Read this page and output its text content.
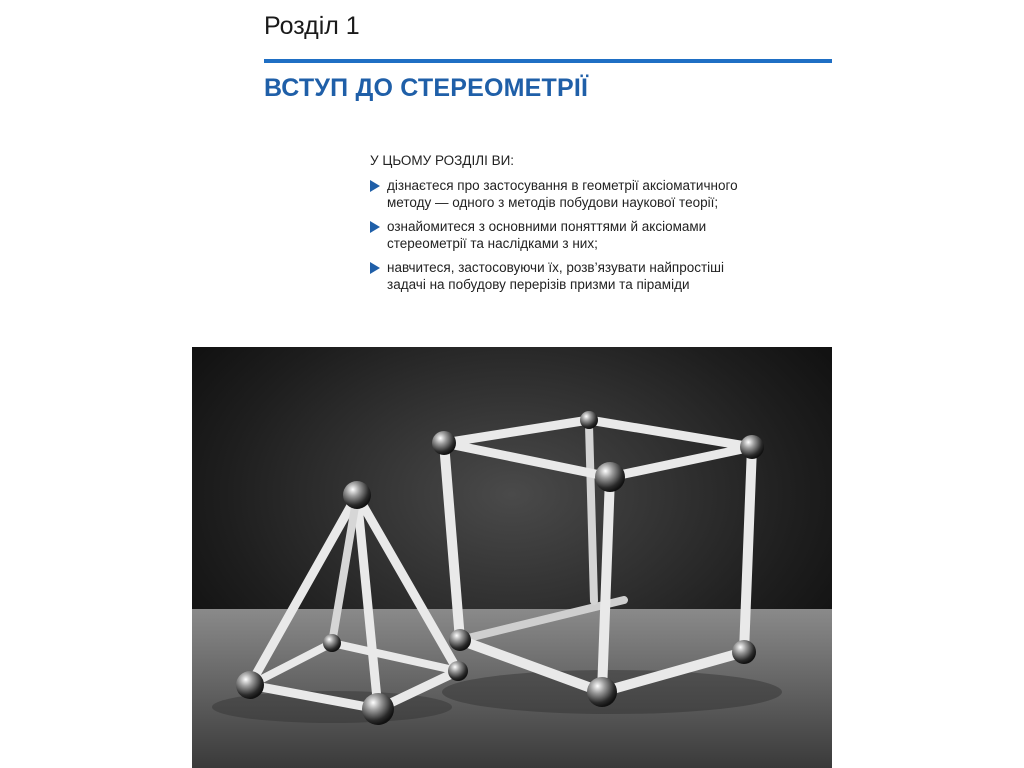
Розділ 1
ВСТУП ДО СТЕРЕОМЕТРІЇ
У ЦЬОМУ РОЗДІЛІ ВИ:
дізнаєтеся про застосування в геометрії аксіоматичного
методу — одного з методів побудови наукової теорії;
ознайомитеся з основними поняттями й аксіомами
стереометрії та наслідками з них;
навчитеся, застосовуючи їх, розв’язувати найпростіші
задачі на побудову перерізів призми та піраміди
